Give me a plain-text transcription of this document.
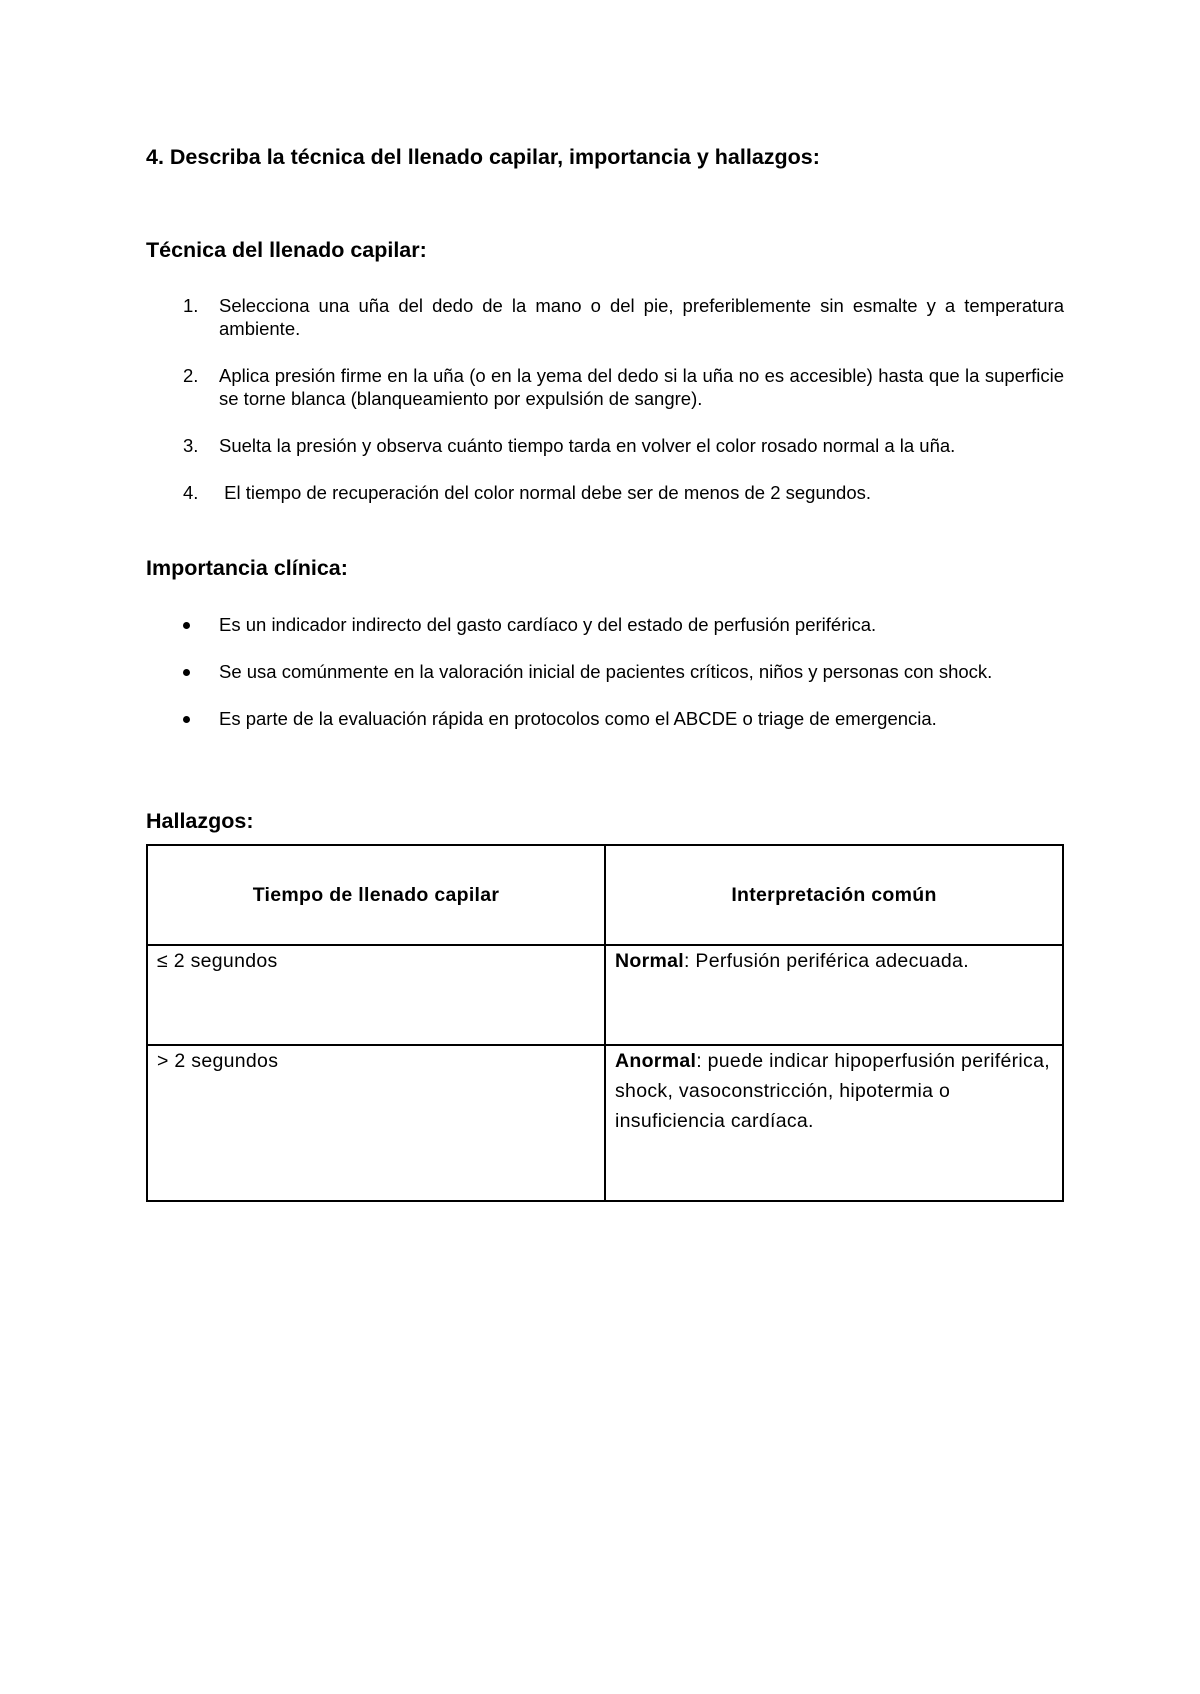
4. Describa la técnica del llenado capilar, importancia y hallazgos:
Técnica del llenado capilar:
1. Selecciona una uña del dedo de la mano o del pie, preferiblemente sin esmalte y a temperatura ambiente.
2. Aplica presión firme en la uña (o en la yema del dedo si la uña no es accesible) hasta que la superficie se torne blanca (blanqueamiento por expulsión de sangre).
3. Suelta la presión y observa cuánto tiempo tarda en volver el color rosado normal a la uña.
4. El tiempo de recuperación del color normal debe ser de menos de 2 segundos.
Importancia clínica:
Es un indicador indirecto del gasto cardíaco y del estado de perfusión periférica.
Se usa comúnmente en la valoración inicial de pacientes críticos, niños y personas con shock.
Es parte de la evaluación rápida en protocolos como el ABCDE o triage de emergencia.
Hallazgos:
Tiempo de llenado capilar	Interpretación común
≤ 2 segundos	Normal: Perfusión periférica adecuada.
> 2 segundos	Anormal: puede indicar hipoperfusión periférica, shock, vasoconstricción, hipotermia o insuficiencia cardíaca.
